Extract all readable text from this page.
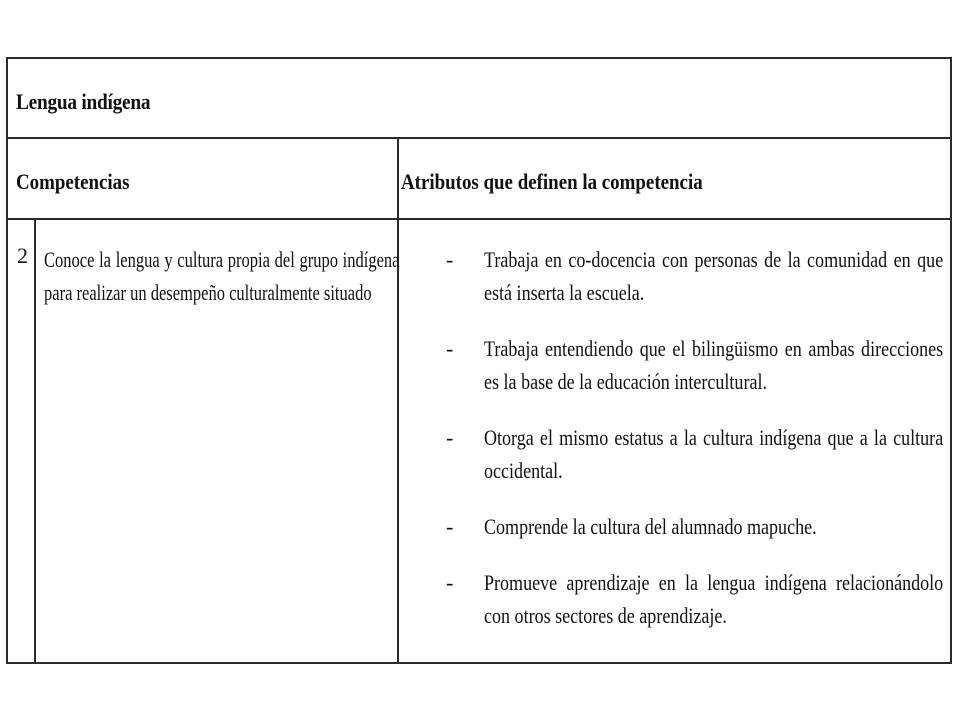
Lengua indígena
Competencias	Atributos que definen la competencia
2 Conoce la lengua y cultura propia del grupo indígena para realizar un desempeño culturalmente situado
- Trabaja en co-docencia con personas de la comunidad en que está inserta la escuela.
- Trabaja entendiendo que el bilingüismo en ambas direcciones es la base de la educación intercultural.
- Otorga el mismo estatus a la cultura indígena que a la cultura occidental.
- Comprende la cultura del alumnado mapuche.
- Promueve aprendizaje en la lengua indígena relacionándolo con otros sectores de aprendizaje.
